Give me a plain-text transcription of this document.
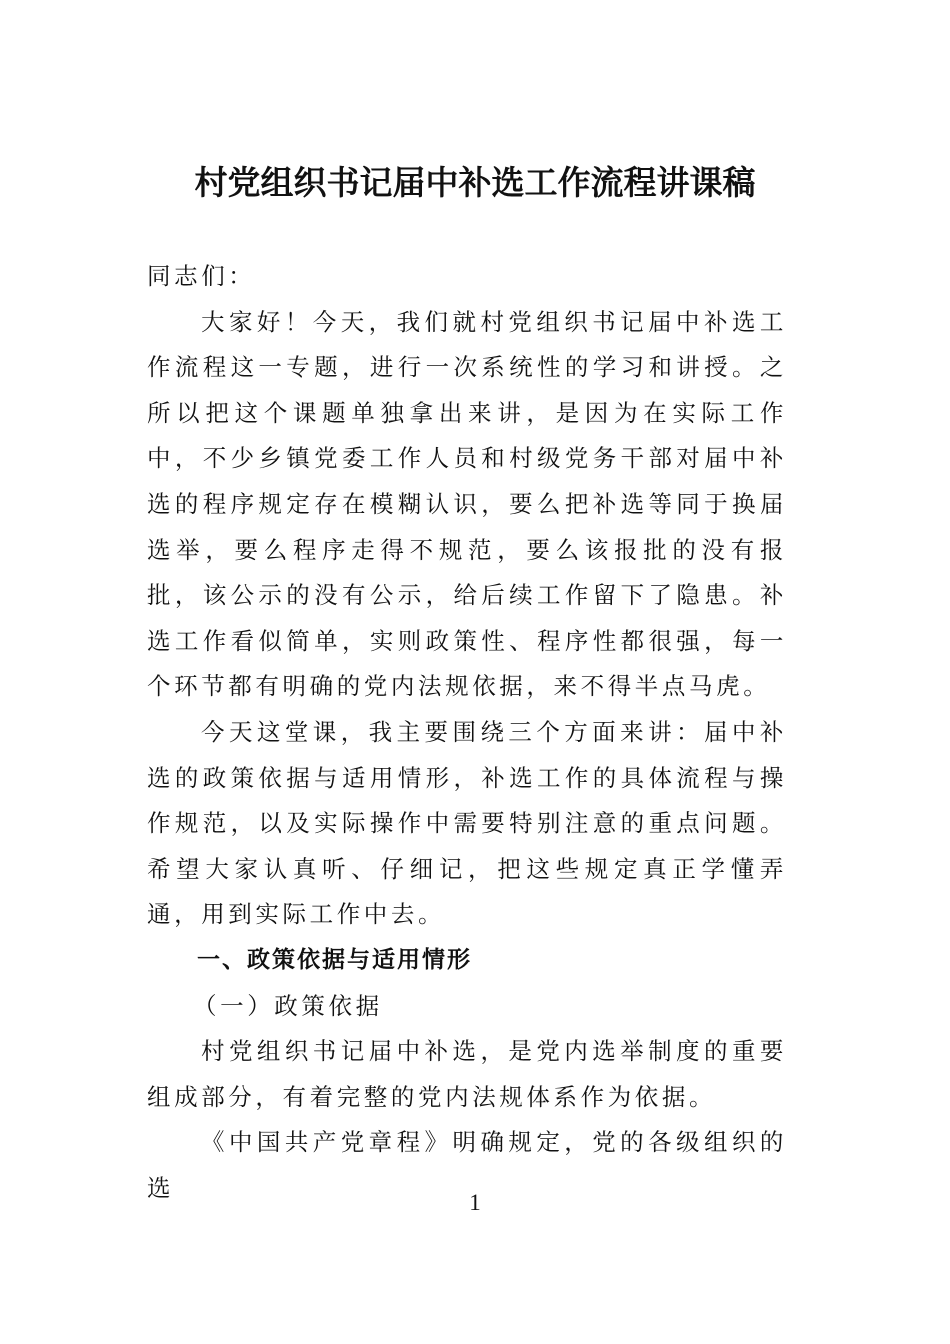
村党组织书记届中补选工作流程讲课稿

同志们：

大家好！今天，我们就村党组织书记届中补选工作流程这一专题，进行一次系统性的学习和讲授。之所以把这个课题单独拿出来讲，是因为在实际工作中，不少乡镇党委工作人员和村级党务干部对届中补选的程序规定存在模糊认识，要么把补选等同于换届选举，要么程序走得不规范，要么该报批的没有报批，该公示的没有公示，给后续工作留下了隐患。补选工作看似简单，实则政策性、程序性都很强，每一个环节都有明确的党内法规依据，来不得半点马虎。

今天这堂课，我主要围绕三个方面来讲：届中补选的政策依据与适用情形，补选工作的具体流程与操作规范，以及实际操作中需要特别注意的重点问题。希望大家认真听、仔细记，把这些规定真正学懂弄通，用到实际工作中去。

一、政策依据与适用情形

（一）政策依据

村党组织书记届中补选，是党内选举制度的重要组成部分，有着完整的党内法规体系作为依据。

《中国共产党章程》明确规定，党的各级组织的选

1
